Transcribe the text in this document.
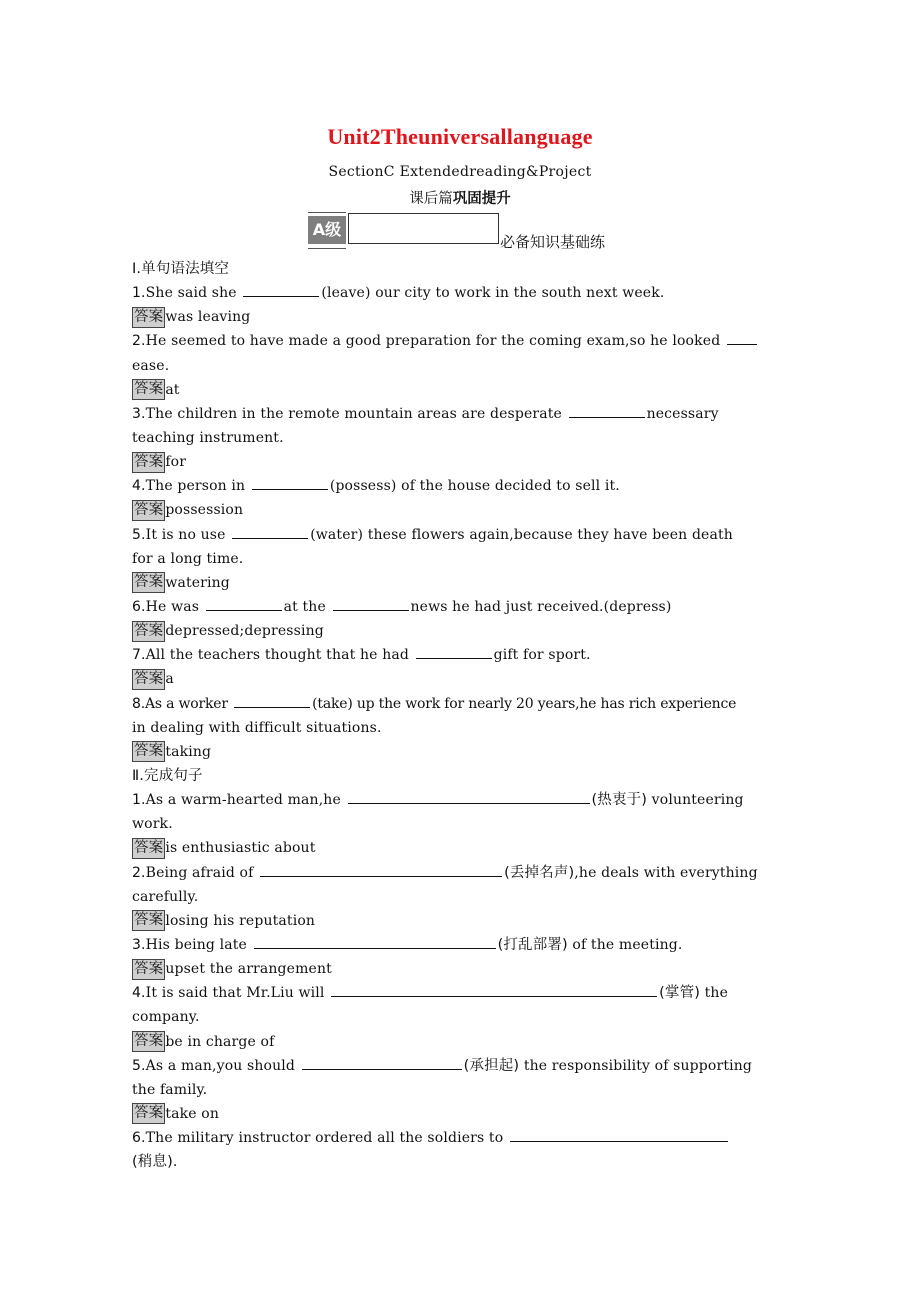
Unit2Theuniversallanguage
SectionC Extendedreading&Project
课后篇巩固提升
A级
必备知识基础练
Ⅰ.单句语法填空
1.She said she	(leave) our city to work in the south next week.
答案 was leaving
2.He seemed to have made a good preparation for the coming exam,so he looked
ease.
答案 at
3.The children in the remote mountain areas are desperate	necessary
teaching instrument.
答案 for
4.The person in	(possess) of the house decided to sell it.
答案 possession
5.It is no use	(water) these flowers again,because they have been death
for a long time.
答案 watering
6.He was	at the	news he had just received.(depress)
答案 depressed;depressing
7.All the teachers thought that he had	gift for sport.
答案 a
8.As a worker	(take) up the work for nearly 20 years,he has rich experience
in dealing with difficult situations.
答案 taking
Ⅱ.完成句子
1.As a warm-hearted man,he	(热衷于) volunteering
work.
答案 is enthusiastic about
2.Being afraid of	(丢掉名声),he deals with everything
carefully.
答案 losing his reputation
3.His being late	(打乱部署) of the meeting.
答案 upset the arrangement
4.It is said that Mr.Liu will	(掌管) the
company.
答案 be in charge of
5.As a man,you should	(承担起) the responsibility of supporting
the family.
答案 take on
6.The military instructor ordered all the soldiers to
(稍息).
